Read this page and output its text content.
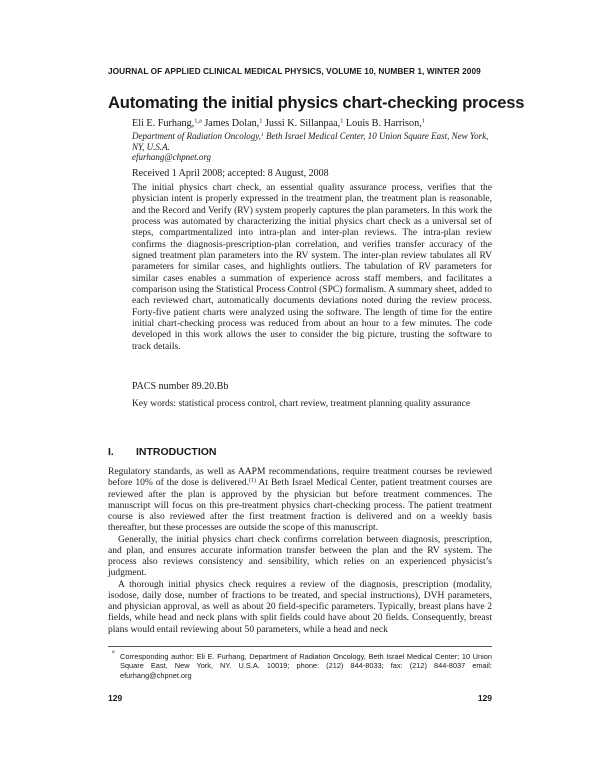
JOURNAL OF APPLIED CLINICAL MEDICAL PHYSICS, VOLUME 10, NUMBER 1, WINTER 2009
Automating the initial physics chart-checking process
Eli E. Furhang,$^{1,a}$ James Dolan,$^1$ Jussi K. Sillanpaa,$^1$ Louis B. Harrison,$^1$
Department of Radiation Oncology,$^1$ Beth Israel Medical Center, 10 Union Square East, New York, NY, U.S.A.
efurhang@chpnet.org
Received 1 April 2008; accepted: 8 August, 2008
The initial physics chart check, an essential quality assurance process, verifies that the physician intent is properly expressed in the treatment plan, the treatment plan is reasonable, and the Record and Verify (RV) system properly captures the plan parameters. In this work the process was automated by characterizing the initial physics chart check as a universal set of steps, compartmentalized into intra-plan and inter-plan reviews. The intra-plan review confirms the diagnosis-prescription-plan correlation, and verifies transfer accuracy of the signed treatment plan parameters into the RV system. The inter-plan review tabulates all RV parameters for similar cases, and highlights outliers. The tabulation of RV parameters for similar cases enables a summation of experience across staff members, and facilitates a comparison using the Statistical Process Control (SPC) formalism. A summary sheet, added to each reviewed chart, automatically documents deviations noted during the review process. Forty-five patient charts were analyzed using the software. The length of time for the entire initial chart-checking process was reduced from about an hour to a few minutes. The code developed in this work allows the user to consider the big picture, trusting the software to track details.
PACS number 89.20.Bb
Key words: statistical process control, chart review, treatment planning quality assurance
I. INTRODUCTION

Regulatory standards, as well as AAPM recommendations, require treatment courses be reviewed before 10% of the dose is delivered.$^{(1)}$ At Beth Israel Medical Center, patient treatment courses are reviewed after the plan is approved by the physician but before treatment commences. The manuscript will focus on this pre-treatment physics chart-checking process. The patient treatment course is also reviewed after the first treatment fraction is delivered and on a weekly basis thereafter, but these processes are outside the scope of this manuscript.

Generally, the initial physics chart check confirms correlation between diagnosis, prescription, and plan, and ensures accurate information transfer between the plan and the RV system. The process also reviews consistency and sensibility, which relies on an experienced physicist’s judgment.

A thorough initial physics check requires a review of the diagnosis, prescription (modality, isodose, daily dose, number of fractions to be treated, and special instructions), DVH parameters, and physician approval, as well as about 20 field-specific parameters. Typically, breast plans have 2 fields, while head and neck plans with split fields could have about 20 fields. Consequently, breast plans would entail reviewing about 50 parameters, while a head and neck

a
Corresponding author: Eli E. Furhang, Department of Radiation Oncology, Beth Israel Medical Center; 10 Union Square East, New York, NY. U.S.A. 10019; phone: (212) 844-8033; fax: (212) 844-8037 email: efurhang@chpnet.org
129	129
